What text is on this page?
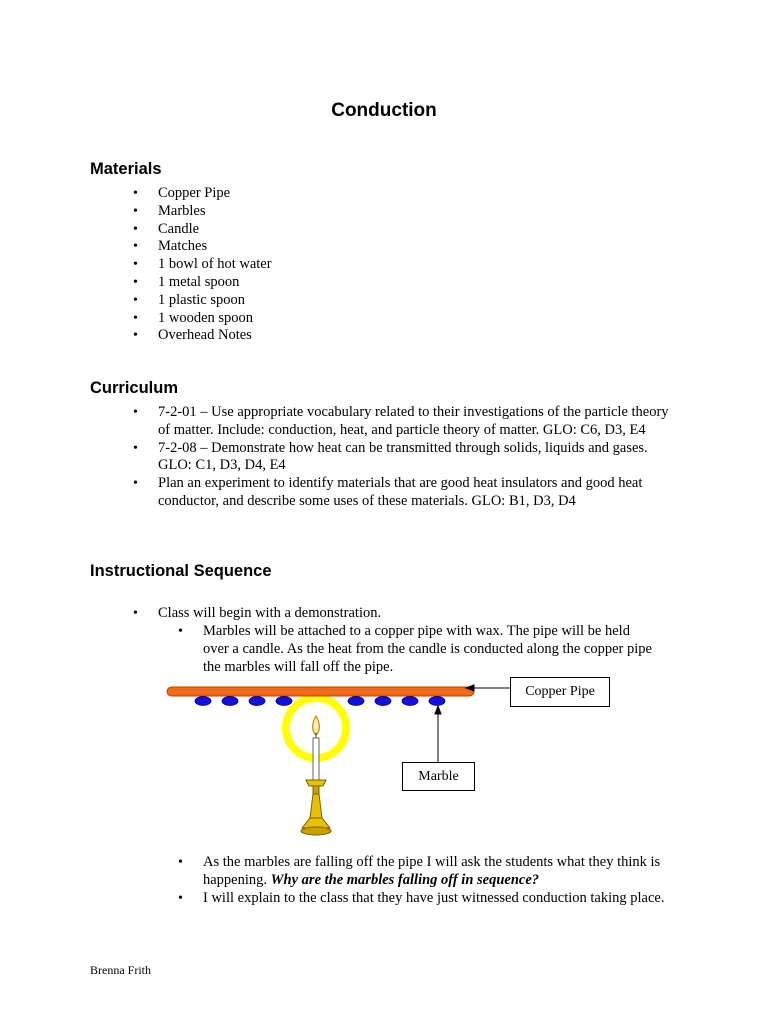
Conduction
Materials
• Copper Pipe
• Marbles
• Candle
• Matches
• 1 bowl of hot water
• 1 metal spoon
• 1 plastic spoon
• 1 wooden spoon
• Overhead Notes
Curriculum
• 7-2-01 – Use appropriate vocabulary related to their investigations of the particle theory of matter. Include: conduction, heat, and particle theory of matter. GLO: C6, D3, E4
• 7-2-08 – Demonstrate how heat can be transmitted through solids, liquids and gases. GLO: C1, D3, D4, E4
• Plan an experiment to identify materials that are good heat insulators and good heat conductor, and describe some uses of these materials. GLO: B1, D3, D4
Instructional Sequence
• Class will begin with a demonstration.
• Marbles will be attached to a copper pipe with wax. The pipe will be held over a candle. As the heat from the candle is conducted along the copper pipe the marbles will fall off the pipe.
Copper Pipe
Marble
• As the marbles are falling off the pipe I will ask the students what they think is happening. Why are the marbles falling off in sequence?
• I will explain to the class that they have just witnessed conduction taking place.
Brenna Frith
